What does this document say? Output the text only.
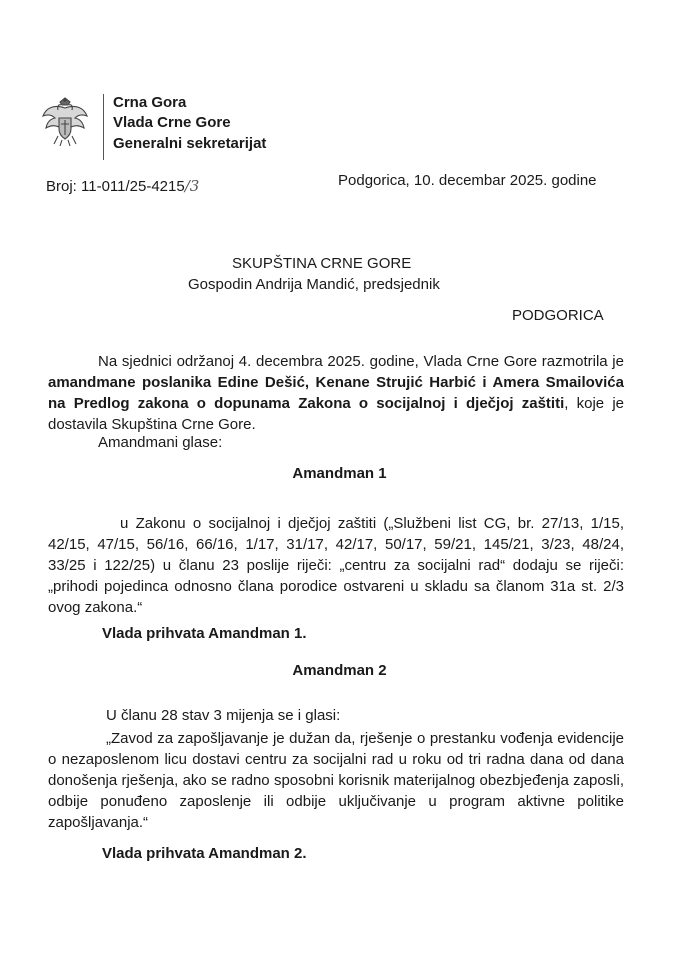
Crna Gora
Vlada Crne Gore
Generalni sekretarijat
Broj: 11-011/25-4215/3	Podgorica, 10. decembar 2025. godine
SKUPŠTINA CRNE GORE
Gospodin Andrija Mandić, predsjednik
PODGORICA

Na sjednici održanoj 4. decembra 2025. godine, Vlada Crne Gore razmotrila je amandmane poslanika Edine Dešić, Kenane Strujić Harbić i Amera Smailovića na Predlog zakona o dopunama Zakona o socijalnoj i dječjoj zaštiti, koje je dostavila Skupština Crne Gore.

Amandmani glase:
Amandman 1

u Zakonu o socijalnoj i dječjoj zaštiti („Službeni list CG, br. 27/13, 1/15, 42/15, 47/15, 56/16, 66/16, 1/17, 31/17, 42/17, 50/17, 59/21, 145/21, 3/23, 48/24, 33/25 i 122/25) u članu 23 poslije riječi: „centru za socijalni rad“ dodaju se riječi: „prihodi pojedinca odnosno člana porodice ostvareni u skladu sa članom 31a st. 2/3 ovog zakona.“

Vlada prihvata Amandman 1.
Amandman 2
U članu 28 stav 3 mijenja se i glasi:

„Zavod za zapošljavanje je dužan da, rješenje o prestanku vođenja evidencije o nezaposlenom licu dostavi centru za socijalni rad u roku od tri radna dana od dana donošenja rješenja, ako se radno sposobni korisnik materijalnog obezbjeđenja zaposli, odbije ponuđeno zaposlenje ili odbije uključivanje u program aktivne politike zapošljavanja.“

Vlada prihvata Amandman 2.
